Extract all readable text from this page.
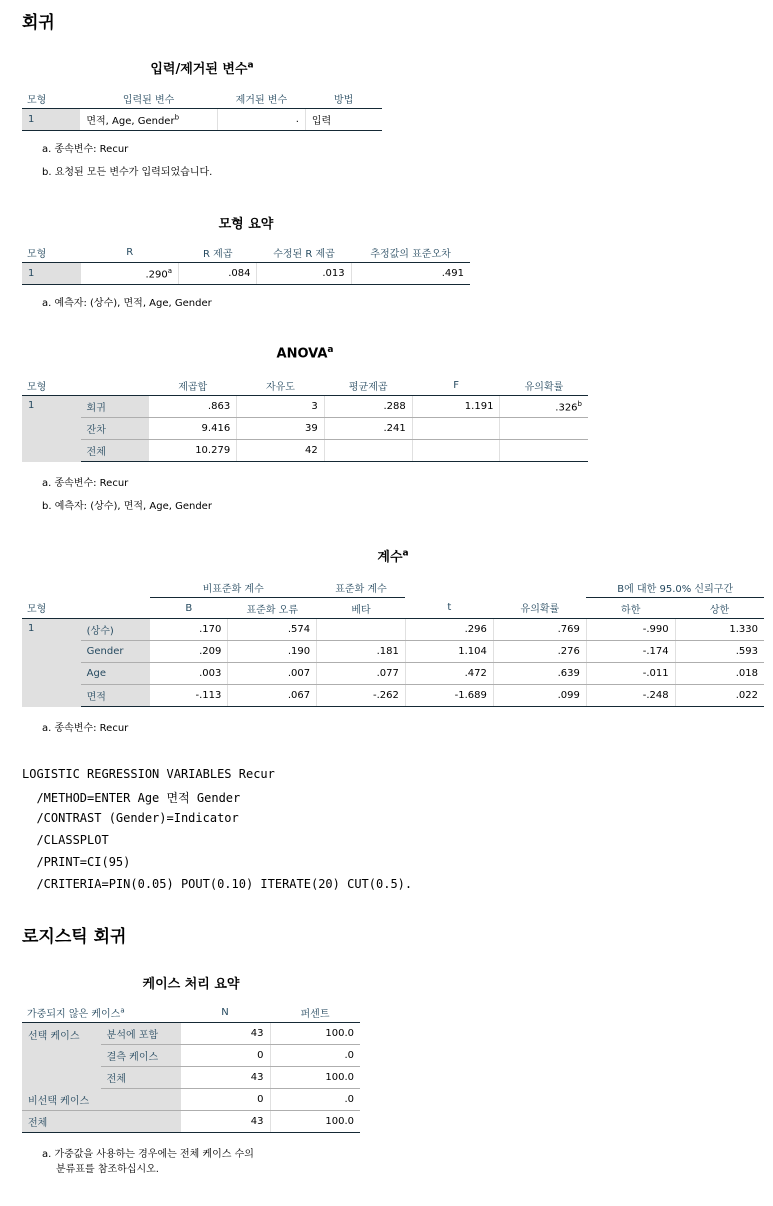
회귀
입력/제거된 변수$^a$
모형	입력된 변수	제거된 변수	방법
1	면적, Age, Gender$^b$	.	입력
a. 종속변수: Recur
b. 요청된 모든 변수가 입력되었습니다.
모형 요약
모형	R	R 제곱	수정된 R 제곱	추정값의 표준오차
1	.290$^a$	.084	.013	.491
a. 예측자: (상수), 면적, Age, Gender
ANOVA$^a$
모형		제곱합	자유도	평균제곱	F	유의확률
1	회귀	.863	3	.288	1.191	.326$^b$
	잔차	9.416	39	.241		
	전체	10.279	42			
a. 종속변수: Recur
b. 예측자: (상수), 면적, Age, Gender
계수$^a$
		비표준화 계수		표준화 계수			B에 대한 95.0% 신뢰구간	
모형		B	표준화 오류	베타	t	유의확률	하한	상한
1	(상수)	.170	.574		.296	.769	-.990	1.330
	Gender	.209	.190	.181	1.104	.276	-.174	.593
	Age	.003	.007	.077	.472	.639	-.011	.018
	면적	-.113	.067	-.262	-1.689	.099	-.248	.022
a. 종속변수: Recur
LOGISTIC REGRESSION VARIABLES Recur
/METHOD=ENTER Age 면적 Gender
/CONTRAST (Gender)=Indicator
/CLASSPLOT
/PRINT=CI(95)
/CRITERIA=PIN(0.05) POUT(0.10) ITERATE(20) CUT(0.5).
로지스틱 회귀
케이스 처리 요약
가중되지 않은 케이스$^a$		N	퍼센트
선택 케이스	분석에 포함	43	100.0
	결측 케이스	0	.0
	전체	43	100.0
비선택 케이스		0	.0
전체		43	100.0
a. 가중값을 사용하는 경우에는 전체 케이스 수의
분류표를 참조하십시오.
